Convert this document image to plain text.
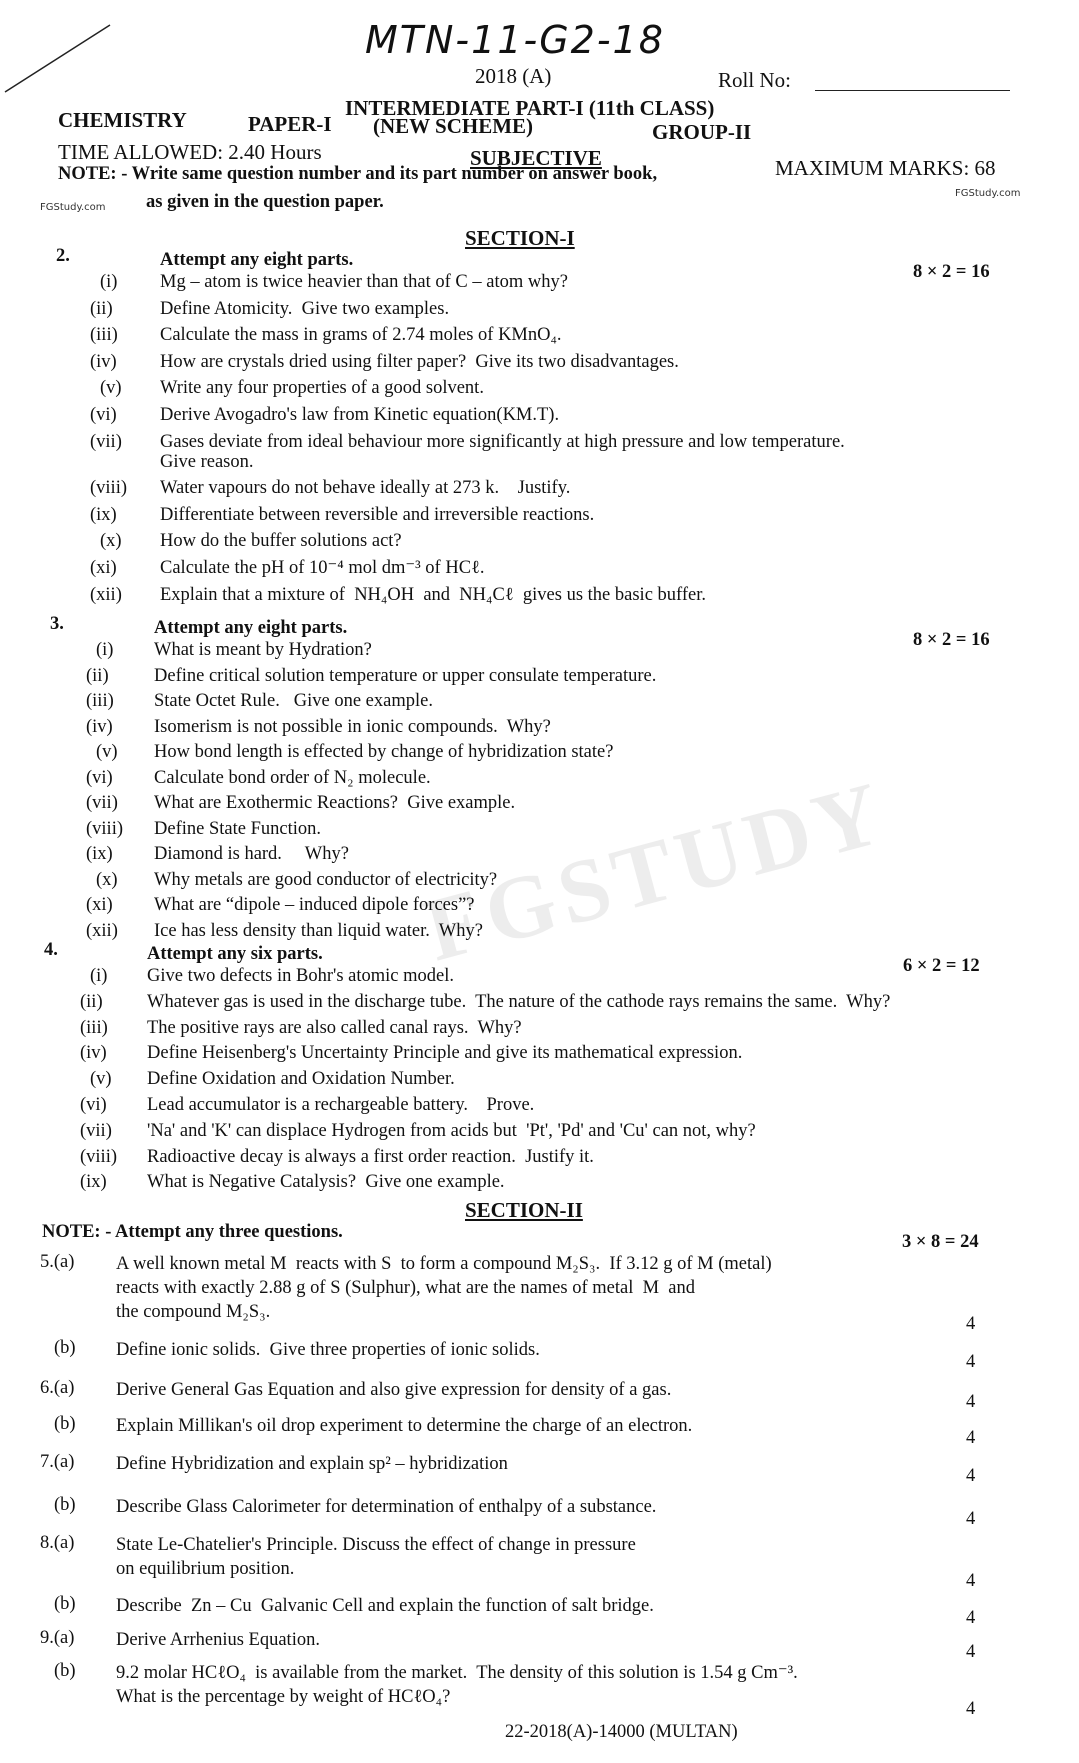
FGSTUDY
MTN-11-G2-18
2018 (A)	Roll No:
INTERMEDIATE PART-I (11th CLASS)
CHEMISTRY	PAPER-I (NEW SCHEME)	GROUP-II
TIME ALLOWED: 2.40 Hours	SUBJECTIVE	MAXIMUM MARKS: 68
NOTE: - Write same question number and its part number on answer book,
as given in the question paper.
FGStudy.com
FGStudy.com
SECTION-I
2.	Attempt any eight parts.
8 × 2 = 16
(i) Mg – atom is twice heavier than that of C – atom why?
(ii)	Define Atomicity.  Give two examples.
(iii) Calculate the mass in grams of 2.74 moles of KMnO₄.
(iv) How are crystals dried using filter paper?  Give its two disadvantages.
(v) Write any four properties of a good solvent.
(vi) Derive Avogadro's law from Kinetic equation(KM.T).
(vii) Gases deviate from ideal behaviour more significantly at high pressure and low temperature.
Give reason.
(viii) Water vapours do not behave ideally at 273 k.    Justify.
(ix) Differentiate between reversible and irreversible reactions.
(x) How do the buffer solutions act?
(xi) Calculate the pH of 10⁻⁴ mol dm⁻³ of HCℓ.
(xii) Explain that a mixture of  NH₄OH  and  NH₄Cℓ  gives us the basic buffer.
3.	Attempt any eight parts.
8 × 2 = 16
(i) What is meant by Hydration?
(ii) Define critical solution temperature or upper consulate temperature.
(iii) State Octet Rule.   Give one example.
(iv) Isomerism is not possible in ionic compounds.  Why?
(v) How bond length is effected by change of hybridization state?
(vi) Calculate bond order of N₂ molecule.
(vii) What are Exothermic Reactions?  Give example.
(viii) Define State Function.
(ix) Diamond is hard.     Why?
(x) Why metals are good conductor of electricity?
(xi) What are “dipole – induced dipole forces”?
(xii) Ice has less density than liquid water.  Why?
4.	Attempt any six parts.
6 × 2 = 12
(i) Give two defects in Bohr's atomic model.
(ii) Whatever gas is used in the discharge tube.  The nature of the cathode rays remains the same.  Why?
(iii) The positive rays are also called canal rays.  Why?
(iv) Define Heisenberg's Uncertainty Principle and give its mathematical expression.
(v) Define Oxidation and Oxidation Number.
(vi) Lead accumulator is a rechargeable battery.    Prove.
(vii) 'Na' and 'K' can displace Hydrogen from acids but  'Pt', 'Pd' and 'Cu' can not, why?
(viii) Radioactive decay is always a first order reaction.  Justify it.
(ix) What is Negative Catalysis?  Give one example.
SECTION-II
NOTE: - Attempt any three questions.	3 × 8 = 24
5.(a) A well known metal M  reacts with S  to form a compound M₂S₃.  If 3.12 g of M (metal)
reacts with exactly 2.88 g of S (Sulphur), what are the names of metal  M  and
the compound M₂S₃.
4
(b) Define ionic solids.  Give three properties of ionic solids.
4
6.(a) Derive General Gas Equation and also give expression for density of a gas.
4
(b) Explain Millikan's oil drop experiment to determine the charge of an electron.
4
7.(a) Define Hybridization and explain sp² – hybridization
4
(b) Describe Glass Calorimeter for determination of enthalpy of a substance.
4
8.(a) State Le-Chatelier's Principle. Discuss the effect of change in pressure
on equilibrium position.
4
(b) Describe  Zn – Cu  Galvanic Cell and explain the function of salt bridge.
4
9.(a) Derive Arrhenius Equation.
4
(b) 9.2 molar HCℓO₄  is available from the market.  The density of this solution is 1.54 g Cm⁻³.
What is the percentage by weight of HCℓO₄?
4
22-2018(A)-14000 (MULTAN)
